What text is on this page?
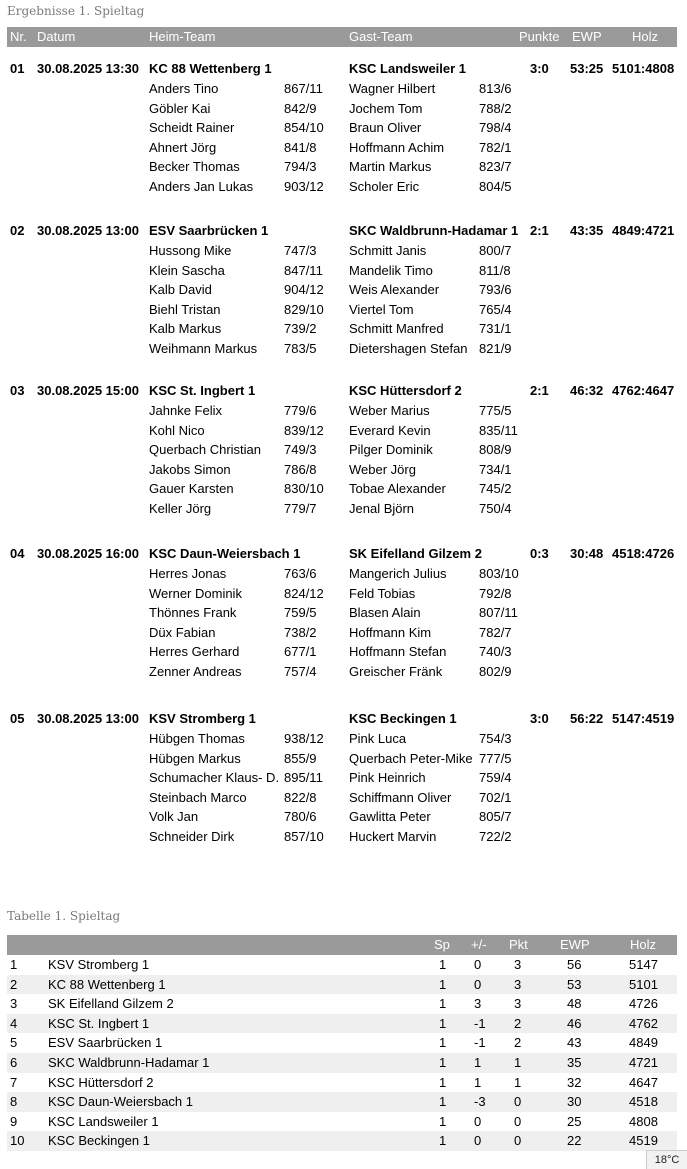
Ergebnisse 1. Spieltag
Nr. Datum	Heim-Team	Gast-Team	Punkte EWP Holz
01 30.08.2025 13:30 KC 88 Wettenberg 1	KSC Landsweiler 1	3:0 53:25 5101:4808
Anders Tino	867/11 Wagner Hilbert	813/6
Göbler Kai	842/9 Jochem Tom	788/2
Scheidt Rainer	854/10 Braun Oliver	798/4
Ahnert Jörg	841/8 Hoffmann Achim	782/1
Becker Thomas	794/3 Martin Markus	823/7
Anders Jan Lukas 903/12 Scholer Eric	804/5
02 30.08.2025 13:00 ESV Saarbrücken 1	SKC Waldbrunn-Hadamar 1 2:1 43:35 4849:4721
Hussong Mike	747/3 Schmitt Janis	800/7
Klein Sascha	847/11 Mandelik Timo	811/8
Kalb David	904/12 Weis Alexander	793/6
Biehl Tristan	829/10 Viertel Tom	765/4
Kalb Markus	739/2 Schmitt Manfred	731/1
Weihmann Markus 783/5 Dietershagen Stefan 821/9
03 30.08.2025 15:00 KSC St. Ingbert 1	KSC Hüttersdorf 2	2:1 46:32 4762:4647
Jahnke Felix	779/6 Weber Marius	775/5
Kohl Nico	839/12 Everard Kevin	835/11
Querbach Christian 749/3 Pilger Dominik	808/9
Jakobs Simon	786/8 Weber Jörg	734/1
Gauer Karsten	830/10 Tobae Alexander	745/2
Keller Jörg	779/7 Jenal Björn	750/4
04 30.08.2025 16:00 KSC Daun-Weiersbach 1	SK Eifelland Gilzem 2	0:3 30:48 4518:4726
Herres Jonas	763/6 Mangerich Julius 803/10
Werner Dominik	824/12 Feld Tobias	792/8
Thönnes Frank	759/5 Blasen Alain	807/11
Düx Fabian	738/2 Hoffmann Kim	782/7
Herres Gerhard	677/1 Hoffmann Stefan	740/3
Zenner Andreas	757/4 Greischer Fränk	802/9
05 30.08.2025 13:00 KSV Stromberg 1	KSC Beckingen 1	3:0 56:22 5147:4519
Hübgen Thomas	938/12 Pink Luca	754/3
Hübgen Markus	855/9 Querbach Peter-Mike 777/5
Schumacher Klaus- D. 895/11 Pink Heinrich	759/4
Steinbach Marco	822/8 Schiffmann Oliver 702/1
Volk Jan	780/6 Gawlitta Peter	805/7
Schneider Dirk	857/10 Huckert Marvin	722/2
Tabelle 1. Spieltag
Sp +/- Pkt EWP	Holz
1 KSV Stromberg 1	1 0	3	56	5147
2 KC 88 Wettenberg 1	1 0	3	53	5101
3 SK Eifelland Gilzem 2	1 3	3	48	4726
4 KSC St. Ingbert 1	1 -1 2	46	4762
5 ESV Saarbrücken 1	1 -1 2	43	4849
6 SKC Waldbrunn-Hadamar 1	1 1	1	35	4721
7 KSC Hüttersdorf 2	1 1	1	32	4647
8 KSC Daun-Weiersbach 1	1 -3 0	30	4518
9 KSC Landsweiler 1	1 0	0	25	4808
10 KSC Beckingen 1	1 0	0	22	4519
18°C
